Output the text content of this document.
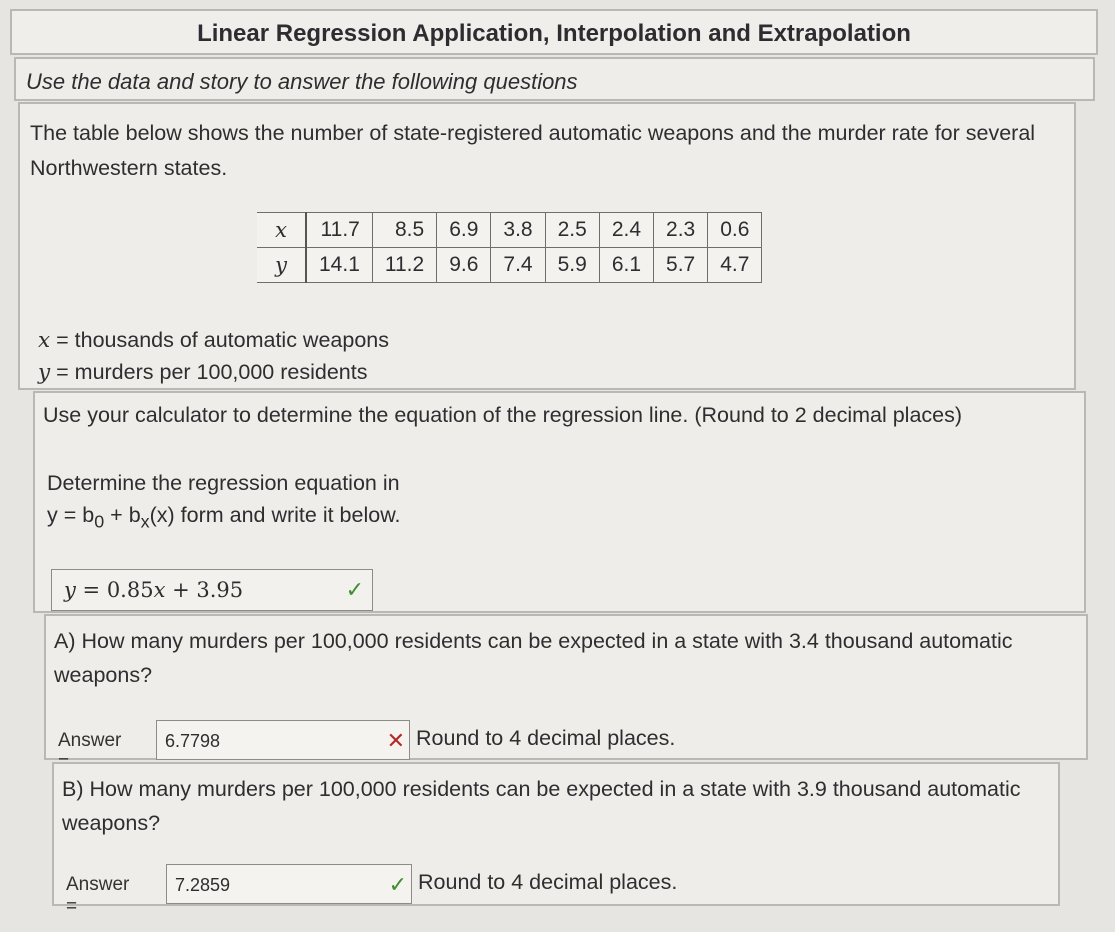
Linear Regression Application, Interpolation and Extrapolation
Use the data and story to answer the following questions
The table below shows the number of state-registered automatic weapons and the murder rate for several Northwestern states.
x	11.7	8.5	6.9	3.8	2.5	2.4	2.3	0.6
y	14.1	11.2	9.6	7.4	5.9	6.1	5.7	4.7
x = thousands of automatic weapons
y = murders per 100,000 residents
Use your calculator to determine the equation of the regression line. (Round to 2 decimal places)
Determine the regression equation in
$y = b_0 + b_x(x)$ form and write it below.
y = 0.85x + 3.95	✓
A) How many murders per 100,000 residents can be expected in a state with 3.4 thousand automatic weapons?
Answer 6.7798	✕ Round to 4 decimal places.
B) How many murders per 100,000 residents can be expected in a state with 3.9 thousand automatic weapons?
Answer =
7.2859	✓ Round to 4 decimal places.
